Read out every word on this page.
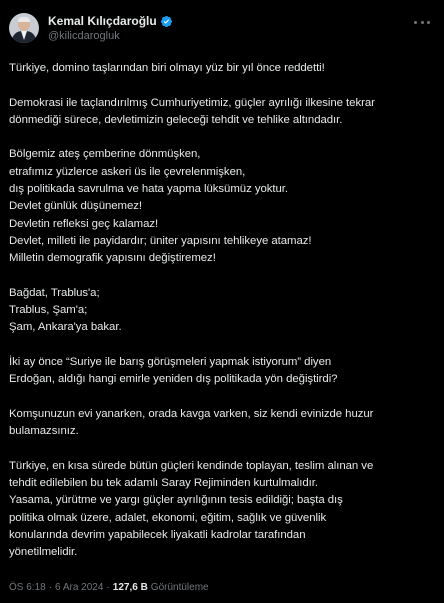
Kemal Kılıçdaroğlu
@kilicdarogluk
Türkiye, domino taşlarından biri olmayı yüz bir yıl önce reddetti!
Demokrasi ile taçlandırılmış Cumhuriyetimiz, güçler ayrılığı ilkesine tekrar
dönmediği sürece, devletimizin geleceği tehdit ve tehlike altındadır.
Bölgemiz ateş çemberine dönmüşken,
etrafımız yüzlerce askeri üs ile çevrelenmişken,
dış politikada savrulma ve hata yapma lüksümüz yoktur.
Devlet günlük düşünemez!
Devletin refleksi geç kalamaz!
Devlet, milleti ile payidardır; üniter yapısını tehlikeye atamaz!
Milletin demografik yapısını değiştiremez!
Bağdat, Trablus'a;
Trablus, Şam'a;
Şam, Ankara'ya bakar.
İki ay önce “Suriye ile barış görüşmeleri yapmak istiyorum” diyen
Erdoğan, aldığı hangi emirle yeniden dış politikada yön değiştirdi?
Komşunuzun evi yanarken, orada kavga varken, siz kendi evinizde huzur
bulamazsınız.
Türkiye, en kısa sürede bütün güçleri kendinde toplayan, teslim alınan ve
tehdit edilebilen bu tek adamlı Saray Rejiminden kurtulmalıdır.
Yasama, yürütme ve yargı güçler ayrılığının tesis edildiği; başta dış
politika olmak üzere, adalet, ekonomi, eğitim, sağlık ve güvenlik
konularında devrim yapabilecek liyakatli kadrolar tarafından
yönetilmelidir.
ÖS 6:18 · 6 Ara 2024 · 127,6 B Görüntüleme
